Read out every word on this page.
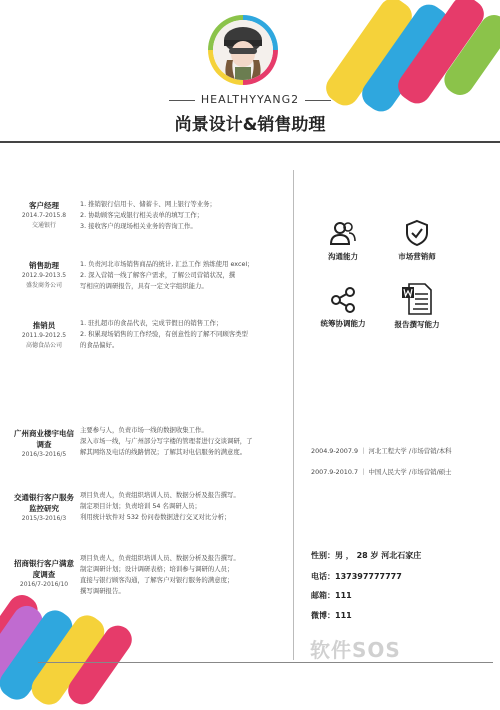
HEALTHYYANG2
尚景设计&销售助理
客户经理
2014.7-2015.8
交通银行

1. 推销银行信用卡、储蓄卡、网上银行等业务；

2. 协助顾客完成银行相关表单的填写工作；

3. 接收客户的现场相关业务的咨询工作。

销售助理
2012.9-2013.5
盛发商务公司

1. 负责河北市场销售商品的统计, 汇总工作 熟练使用 excel；

2. 深入营销一线了解客户需求，了解公司营销状况，撰

写相应的调研报告，具有一定文字组织能力。

推销员
2011.9-2012.5
高德食品公司

1. 驻扎超市的食品代表，完成节假日的销售工作；

2. 积累现场销售的工作经验，有创意性的了解不同顾客类型

的食品偏好。

广州商业楼宇电信调查
2016/3-2016/5

主要参与人，负责市场一线的数据收集工作。

深入市场一线，与广州部分写字楼的管理者进行交谈调研，了

解其网络及电话的线路情况；了解其对电信服务的满意度。

交通银行客户服务监控研究
2015/3-2016/3

项目负责人，负责组织培训人员、数据分析及报告撰写。

制定项目计划；负责培训 54 名调研人员；

利用统计软件对 532 份问卷数据进行交叉对比分析；

招商银行客户满意度调查
2016/7-2016/10

项目负责人，负责组织培训人员、数据分析及报告撰写。

制定调研计划；设计调研表格；培训参与调研的人员；

直接与银行顾客沟通，了解客户对银行服务的满意度；

撰写调研报告。

沟通能力	市场营销师
统筹协调能力	报告撰写能力
2004.9-2007.9 ｜ 河北工程大学 /市场营销/本科
2007.9-2010.7 ｜ 中国人民大学 /市场营销/硕士
性别：男 ， 28 岁 河北石家庄
电话：137397777777
邮箱：111
微博：111
软件SOS
